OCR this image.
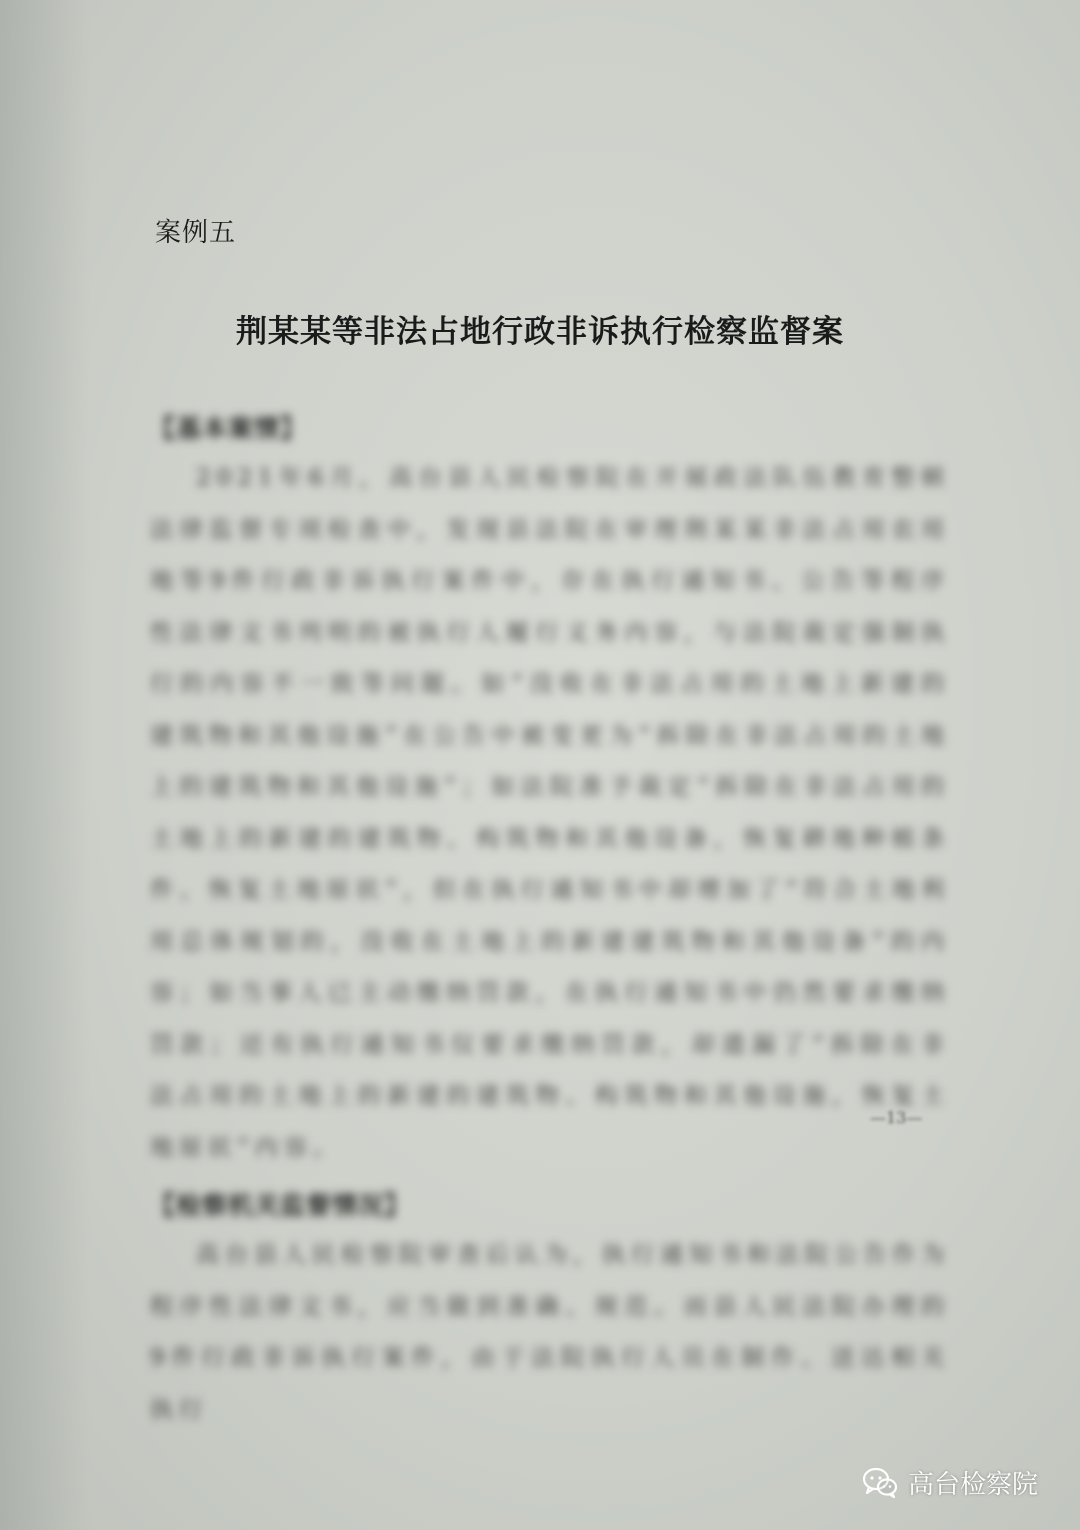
案例五
荆某某等非法占地行政非诉执行检察监督案
【基本案情】

2021年6月，高台县人民检察院在开展政法队伍教育整顿法律监督专项检查中，发现县法院在审理荆某某非法占用农用地等9件行政非诉执行案件中，存在执行通知书、公告等程序性法律文书列明的被执行人履行义务内容，与法院裁定强制执行的内容不一致等问题。如“没收在非法占用的土地上新建的建筑物和其他设施”在公告中被变更为“拆除在非法占用的土地上的建筑物和其他设施”；如法院准予裁定“拆除在非法占用的土地上的新建的建筑物、构筑物和其他设备，恢复耕地种植条件、恢复土地原状”，但在执行通知书中却增加了“符合土地利用总体规划的，没收在土地上的新建建筑物和其他设备”的内容；如当事人已主动缴纳罚款，在执行通知书中仍然要求缴纳罚款；还有执行通知书仅要求缴纳罚款，却遗漏了“拆除在非法占用的土地上的新建的建筑物、构筑物和其他设施，恢复土地原状”内容。

【检察机关监督情况】

高台县人民检察院审查后认为，执行通知书和法院公告作为程序性法律文书，应当做到准确、规范。而县人民法院办理的9件行政非诉执行案件，由于法院执行人员在制作、送达相关执行

—13—
高台检察院
